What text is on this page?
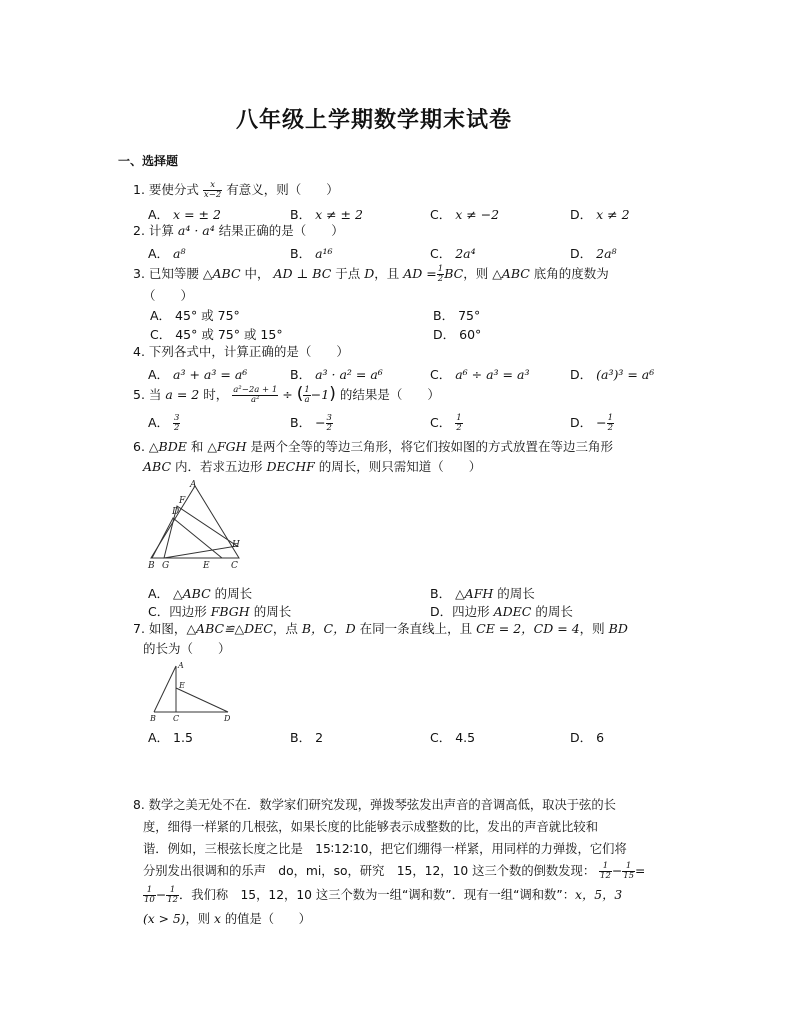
八年级上学期数学期末试卷
一、选择题
1. 要使分式 $\frac{x}{x-2}$ 有意义，则（　　）
A． x = ± 2	B． x ≠ ± 2	C． x ≠ −2	D． x ≠ 2
2. 计算 a⁴ · a⁴ 结果正确的是（　　）
A． a⁸	B． a¹⁶	C． 2a⁴	D． 2a⁸
3. 已知等腰 △ABC 中， AD ⊥ BC 于点 D，且 AD = $\frac{1}{2}$ BC，则 △ABC 底角的度数为
（　　）
A． 45° 或 75°	B． 75°
C． 45° 或 75° 或 15°	D． 60°
4. 下列各式中，计算正确的是（　　）
A． a³ + a³ = a⁶	B． a³ · a² = a⁶	C． a⁶ ÷ a³ = a³	D． (a³)³ = a⁶
5. 当 a = 2 时， $\frac{\text{a²−2a + 1}}{\text{a²}}$ ÷ ( $\frac{1}{a} -1$) 的结果是（　　）
A． $\frac{3}{2}$	B． − $\frac{3}{2}$	C． $\frac{1}{2}$	D． − $\frac{1}{2}$
6. △BDE 和 △FGH 是两个全等的等边三角形，将它们按如图的方式放置在等边三角形
ABC 内．若求五边形 DECHF 的周长，则只需知道（　　）
A
F
D
H
B G	E C
A． △ABC 的周长	B． △AFH 的周长
C．四边形 FBGH 的周长	D．四边形 ADEC 的周长
7. 如图，△ABC≌△DEC，点 B，C，D 在同一条直线上，且 CE = 2，CD = 4，则 BD
的长为（　　）
A
E
B C	D
A． 1.5	B． 2	C． 4.5	D． 6
8. 数学之美无处不在．数学家们研究发现，弹拨琴弦发出声音的音调高低，取决于弦的长
度，细得一样紧的几根弦，如果长度的比能够表示成整数的比，发出的声音就比较和
谐．例如，三根弦长度之比是　15∶12∶10，把它们绷得一样紧，用同样的力弹拨，它们将
分别发出很调和的乐声　do，mi，so，研究　15，12，10 这三个数的倒数发现： $\frac{1}{12} - \frac{1}{15}$ =
$\frac{1}{10} - \frac{1}{12}$ ．我们称　15，12，10 这三个数为一组“调和数”．现有一组“调和数”：x，5，3
(x > 5)，则 x 的值是（　　）
